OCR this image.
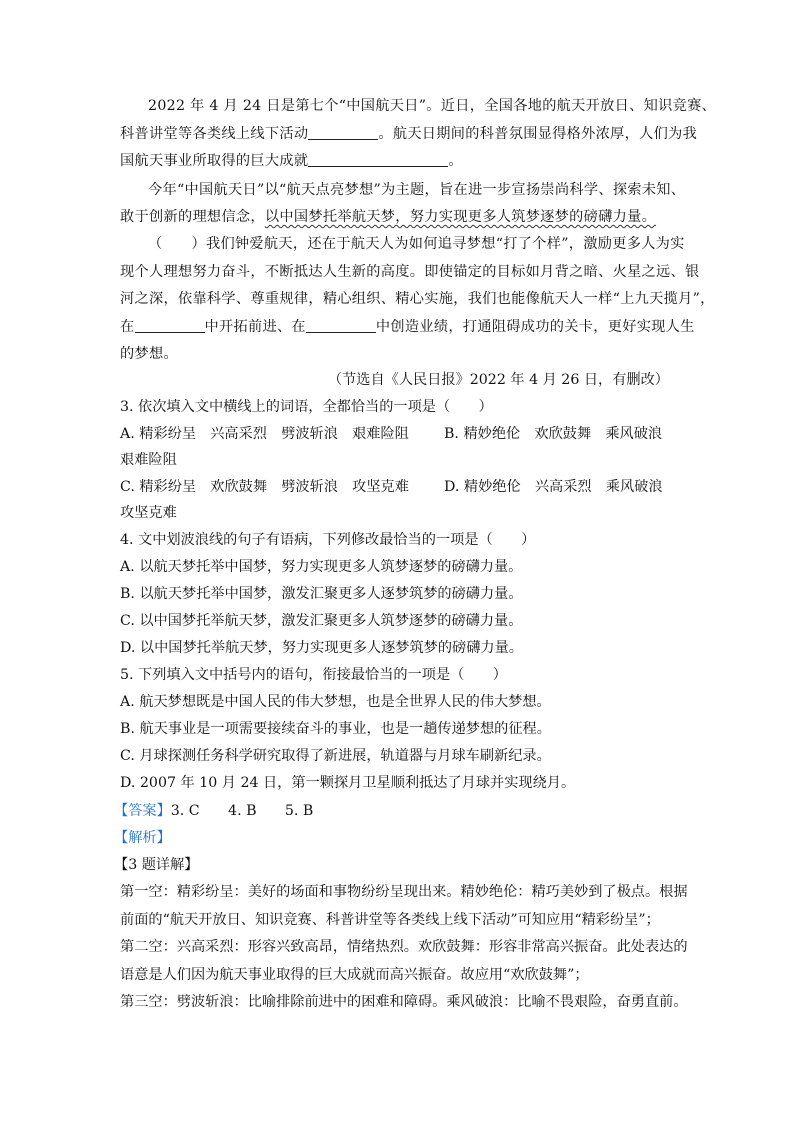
2022 年 4 月 24 日是第七个“中国航天日”。近日，全国各地的航天开放日、知识竞赛、
科普讲堂等各类线上线下活动	。航天日期间的科普氛围显得格外浓厚，人们为我
国航天事业所取得的巨大成就	。
今年“中国航天日”以“航天点亮梦想”为主题，旨在进一步宣扬崇尚科学、探索未知、
敢于创新的理想信念，以中国梦托举航天梦，努力实现更多人筑梦逐梦的磅礴力量。
（　　）我们钟爱航天，还在于航天人为如何追寻梦想“打了个样”，激励更多人为实
现个人理想努力奋斗，不断抵达人生新的高度。即使锚定的目标如月背之暗、火星之远、银
河之深，依靠科学、尊重规律，精心组织、精心实施，我们也能像航天人一样“上九天揽月”，
在	中开拓前进、在	中创造业绩，打通阻碍成功的关卡，更好实现人生
的梦想。
（节选自《人民日报》2022 年 4 月 26 日，有删改）
3. 依次填入文中横线上的词语，全都恰当的一项是（　　）
A. 精彩纷呈　兴高采烈　劈波斩浪　艰难险阻 B. 精妙绝伦　欢欣鼓舞　乘风破浪
艰难险阻
C. 精彩纷呈　欢欣鼓舞　劈波斩浪　攻坚克难 D. 精妙绝伦　兴高采烈　乘风破浪
攻坚克难
4. 文中划波浪线的句子有语病，下列修改最恰当的一项是（　　）
A. 以航天梦托举中国梦，努力实现更多人筑梦逐梦的磅礴力量。
B. 以航天梦托举中国梦，激发汇聚更多人逐梦筑梦的磅礴力量。
C. 以中国梦托举航天梦，激发汇聚更多人筑梦逐梦的磅礴力量。
D. 以中国梦托举航天梦，努力实现更多人逐梦筑梦的磅礴力量。
5. 下列填入文中括号内的语句，衔接最恰当的一项是（　　）
A. 航天梦想既是中国人民的伟大梦想，也是全世界人民的伟大梦想。
B. 航天事业是一项需要接续奋斗的事业，也是一趟传递梦想的征程。
C. 月球探测任务科学研究取得了新进展，轨道器与月球车刷新纪录。
D. 2007 年 10 月 24 日，第一颗探月卫星顺利抵达了月球并实现绕月。
【答案】3. C　　4. B　　5. B
【解析】
【3 题详解】
第一空：精彩纷呈：美好的场面和事物纷纷呈现出来。精妙绝伦：精巧美妙到了极点。根据
前面的“航天开放日、知识竞赛、科普讲堂等各类线上线下活动”可知应用“精彩纷呈”；
第二空：兴高采烈：形容兴致高昂，情绪热烈。欢欣鼓舞：形容非常高兴振奋。此处表达的
语意是人们因为航天事业取得的巨大成就而高兴振奋。故应用“欢欣鼓舞”；
第三空：劈波斩浪：比喻排除前进中的困难和障碍。乘风破浪：比喻不畏艰险，奋勇直前。
